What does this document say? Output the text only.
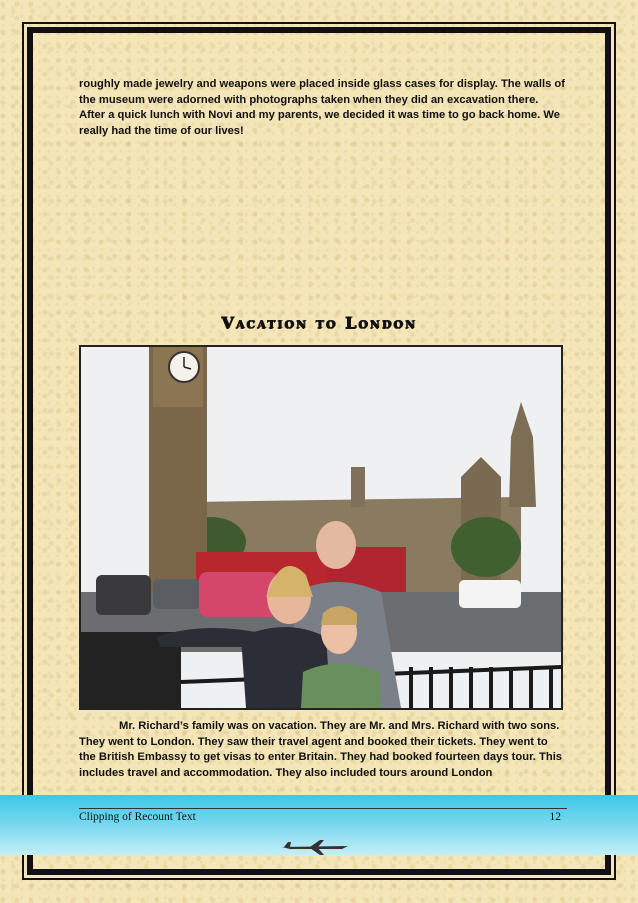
roughly made jewelry and weapons were placed inside glass cases for display. The walls of the museum were adorned with photographs taken when they did an excavation there. After a quick lunch with Novi and my parents, we decided it was time to go back home. We really had the time of our lives!
Vacation to London
Mr. Richard’s family was on vacation. They are Mr. and Mrs. Richard with two sons. They went to London. They saw their travel agent and booked their tickets. They went to the British Embassy to get visas to enter Britain. They had booked fourteen days tour. This includes travel and accommodation. They also included tours around London
Clipping of Recount Text	12
